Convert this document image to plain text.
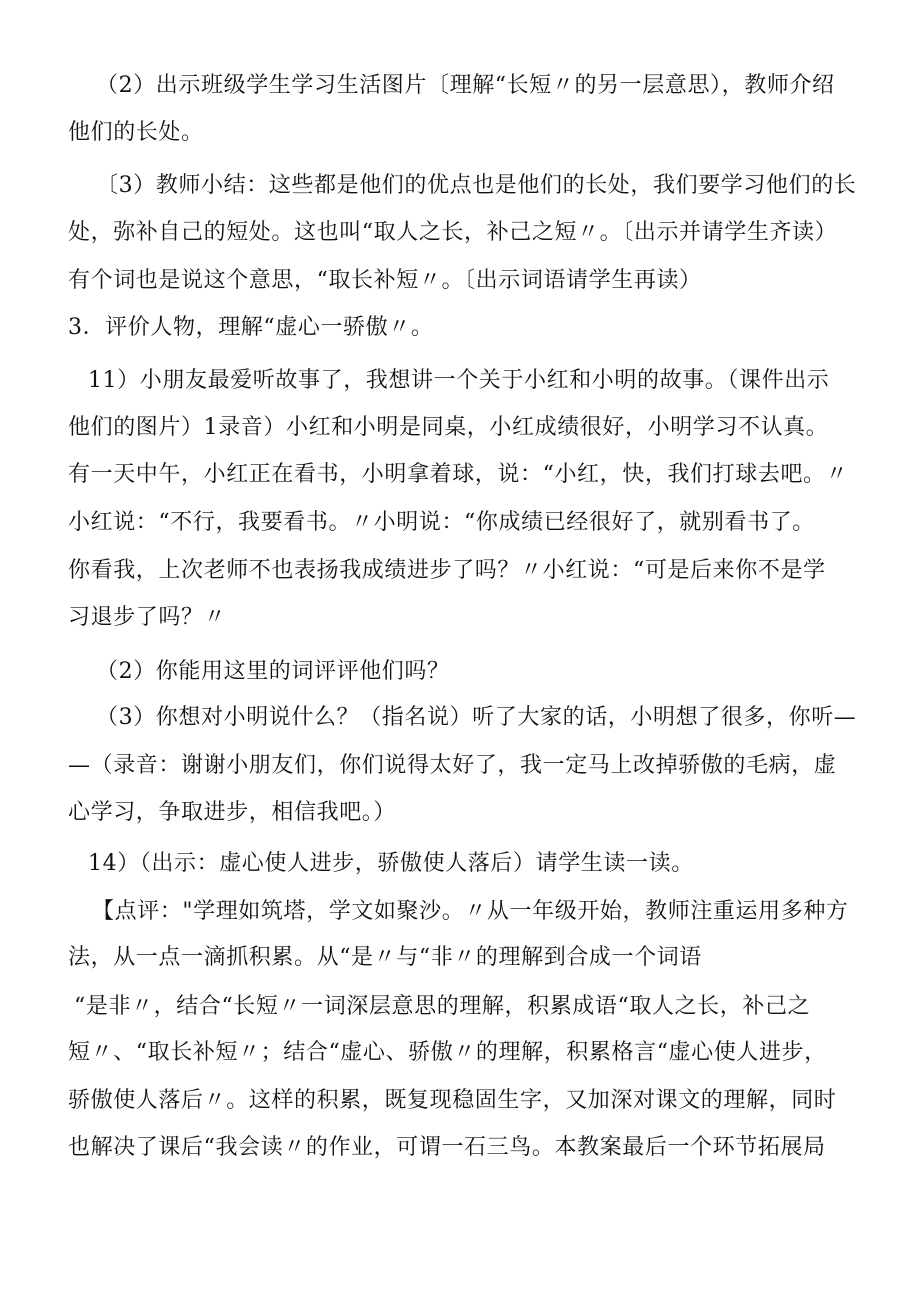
（2）出示班级学生学习生活图片〔理解“长短〃的另一层意思），教师介绍
他们的长处。
〔3）教师小结：这些都是他们的优点也是他们的长处，我们要学习他们的长
处，弥补自己的短处。这也叫“取人之长，补己之短〃。〔出示并请学生齐读）
有个词也是说这个意思，“取长补短〃。〔出示词语请学生再读）
3．评价人物，理解“虚心一骄傲〃。
11）小朋友最爱听故事了，我想讲一个关于小红和小明的故事。（课件出示
他们的图片）1录音）小红和小明是同桌，小红成绩很好，小明学习不认真。
有一天中午，小红正在看书，小明拿着球，说：“小红，快，我们打球去吧。〃
小红说：“不行，我要看书。〃小明说：“你成绩已经很好了，就别看书了。
你看我，上次老师不也表扬我成绩进步了吗？〃小红说：“可是后来你不是学
习退步了吗？〃
（2）你能用这里的词评评他们吗？
（3）你想对小明说什么？（指名说）听了大家的话，小明想了很多，你听—
—（录音：谢谢小朋友们，你们说得太好了，我一定马上改掉骄傲的毛病，虚
心学习，争取进步，相信我吧。）
14）（出示：虚心使人进步，骄傲使人落后）请学生读一读。
【点评："学理如筑塔，学文如聚沙。〃从一年级开始，教师注重运用多种方
法，从一点一滴抓积累。从“是〃与“非〃的理解到合成一个词语
“是非〃，结合“长短〃一词深层意思的理解，积累成语“取人之长，补己之
短〃、“取长补短〃；结合“虚心、骄傲〃的理解，积累格言“虚心使人进步，
骄傲使人落后〃。这样的积累，既复现稳固生字，又加深对课文的理解，同时
也解决了课后“我会读〃的作业，可谓一石三鸟。本教案最后一个环节拓展局
